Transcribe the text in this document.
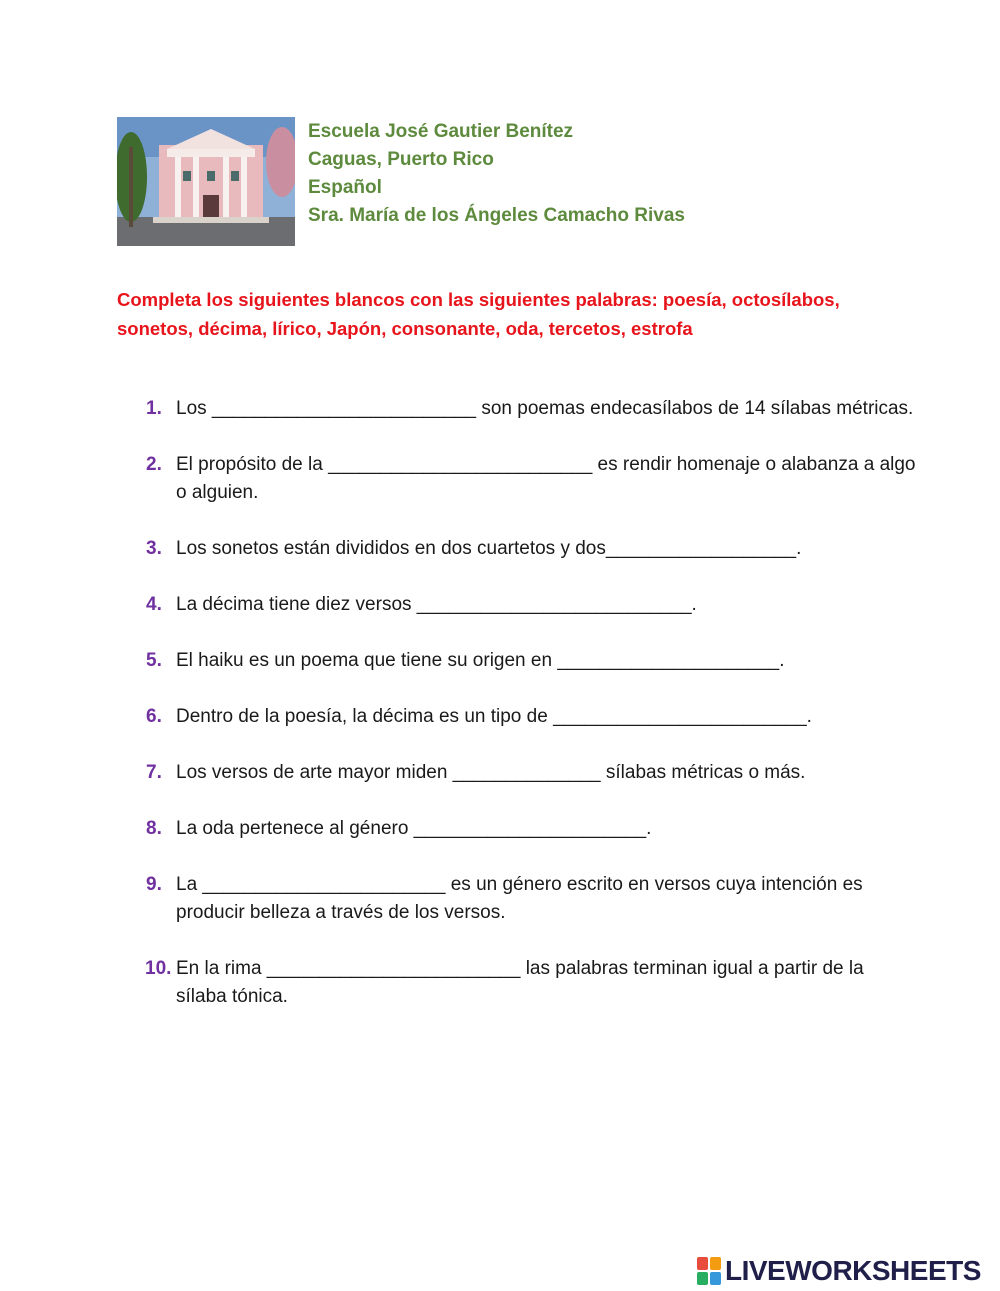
Escuela José Gautier Benítez
Caguas, Puerto Rico
Español
Sra. María de los Ángeles Camacho Rivas
Completa los siguientes blancos con las siguientes palabras: poesía, octosílabos, sonetos, décima, lírico, Japón, consonante, oda, tercetos, estrofa
1. Los _________________________ son poemas endecasílabos de 14 sílabas métricas.
2. El propósito de la _________________________ es rendir homenaje o alabanza a algo o alguien.
3. Los sonetos están divididos en dos cuartetos y dos__________________.
4. La décima tiene diez versos __________________________.
5. El haiku es un poema que tiene su origen en _____________________.
6. Dentro de la poesía, la décima es un tipo de ________________________.
7. Los versos de arte mayor miden ______________ sílabas métricas o más.
8. La oda pertenece al género ______________________.
9. La _______________________ es un género escrito en versos cuya intención es producir belleza a través de los versos.
10. En la rima ________________________ las palabras terminan igual a partir de la sílaba tónica.
LIVEWORKSHEETS
